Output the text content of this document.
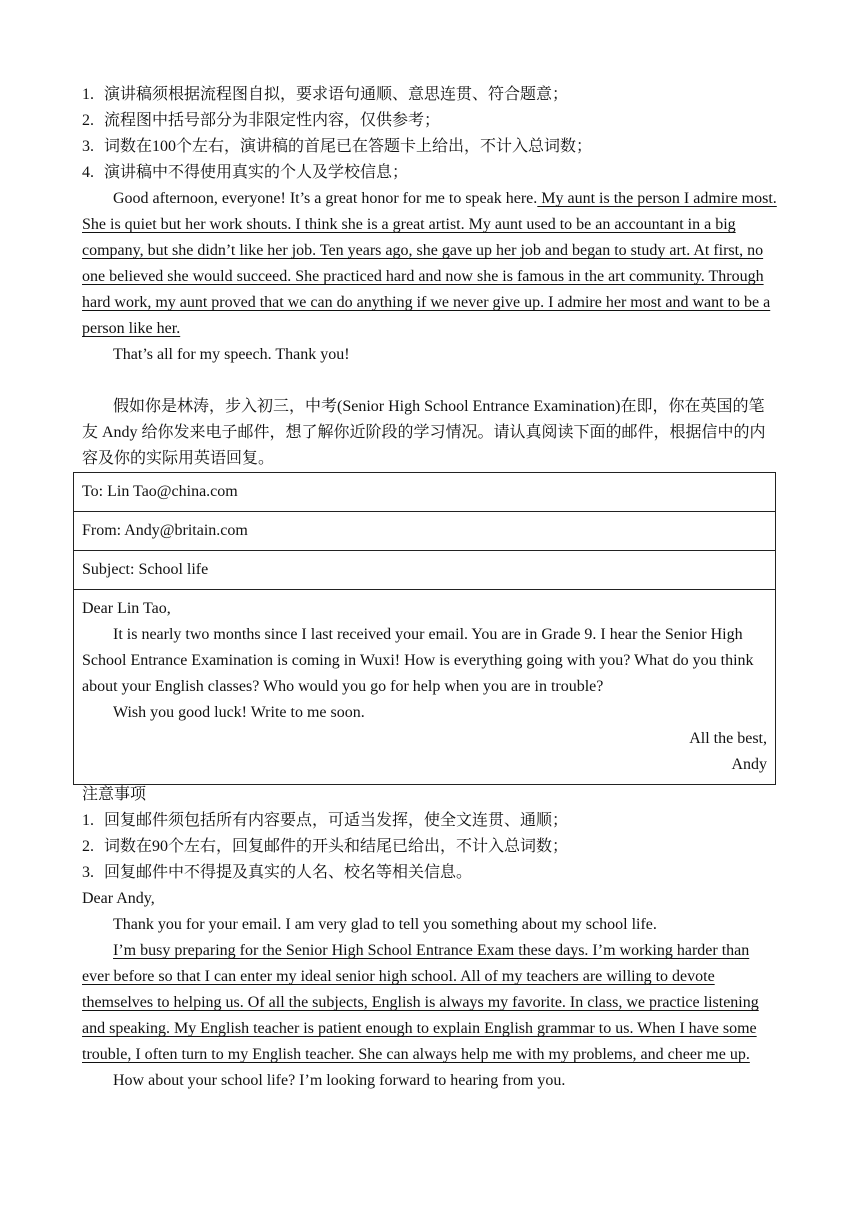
1. 演讲稿须根据流程图自拟，要求语句通顺、意思连贯、符合题意；
2. 流程图中括号部分为非限定性内容，仅供参考；
3. 词数在100个左右，演讲稿的首尾已在答题卡上给出，不计入总词数；
4. 演讲稿中不得使用真实的个人及学校信息；
Good afternoon, everyone! It’s a great honor for me to speak here. My aunt is the person I admire most. She is quiet but her work shouts. I think she is a great artist. My aunt used to be an accountant in a big company, but she didn’t like her job. Ten years ago, she gave up her job and began to study art. At first, no one believed she would succeed. She practiced hard and now she is famous in the art community. Through hard work, my aunt proved that we can do anything if we never give up. I admire her most and want to be a person like her.
That’s all for my speech. Thank you!
假如你是林涛，步入初三，中考(Senior High School Entrance Examination)在即，你在英国的笔友 Andy 给你发来电子邮件，想了解你近阶段的学习情况。请认真阅读下面的邮件，根据信中的内容及你的实际用英语回复。
To: Lin Tao@china.com
From: Andy@britain.com
Subject: School life

Dear Lin Tao,
It is nearly two months since I last received your email. You are in Grade 9. I hear the Senior High School Entrance Examination is coming in Wuxi! How is everything going with you? What do you think about your English classes? Who would you go for help when you are in trouble?
Wish you good luck! Write to me soon.
All the best,
Andy
注意事项
1. 回复邮件须包括所有内容要点，可适当发挥，使全文连贯、通顺；
2. 词数在90个左右，回复邮件的开头和结尾已给出，不计入总词数；
3. 回复邮件中不得提及真实的人名、校名等相关信息。
Dear Andy,
Thank you for your email. I am very glad to tell you something about my school life.
I’m busy preparing for the Senior High School Entrance Exam these days. I’m working harder than ever before so that I can enter my ideal senior high school. All of my teachers are willing to devote themselves to helping us. Of all the subjects, English is always my favorite. In class, we practice listening and speaking. My English teacher is patient enough to explain English grammar to us. When I have some trouble, I often turn to my English teacher. She can always help me with my problems, and cheer me up.
How about your school life? I’m looking forward to hearing from you.
